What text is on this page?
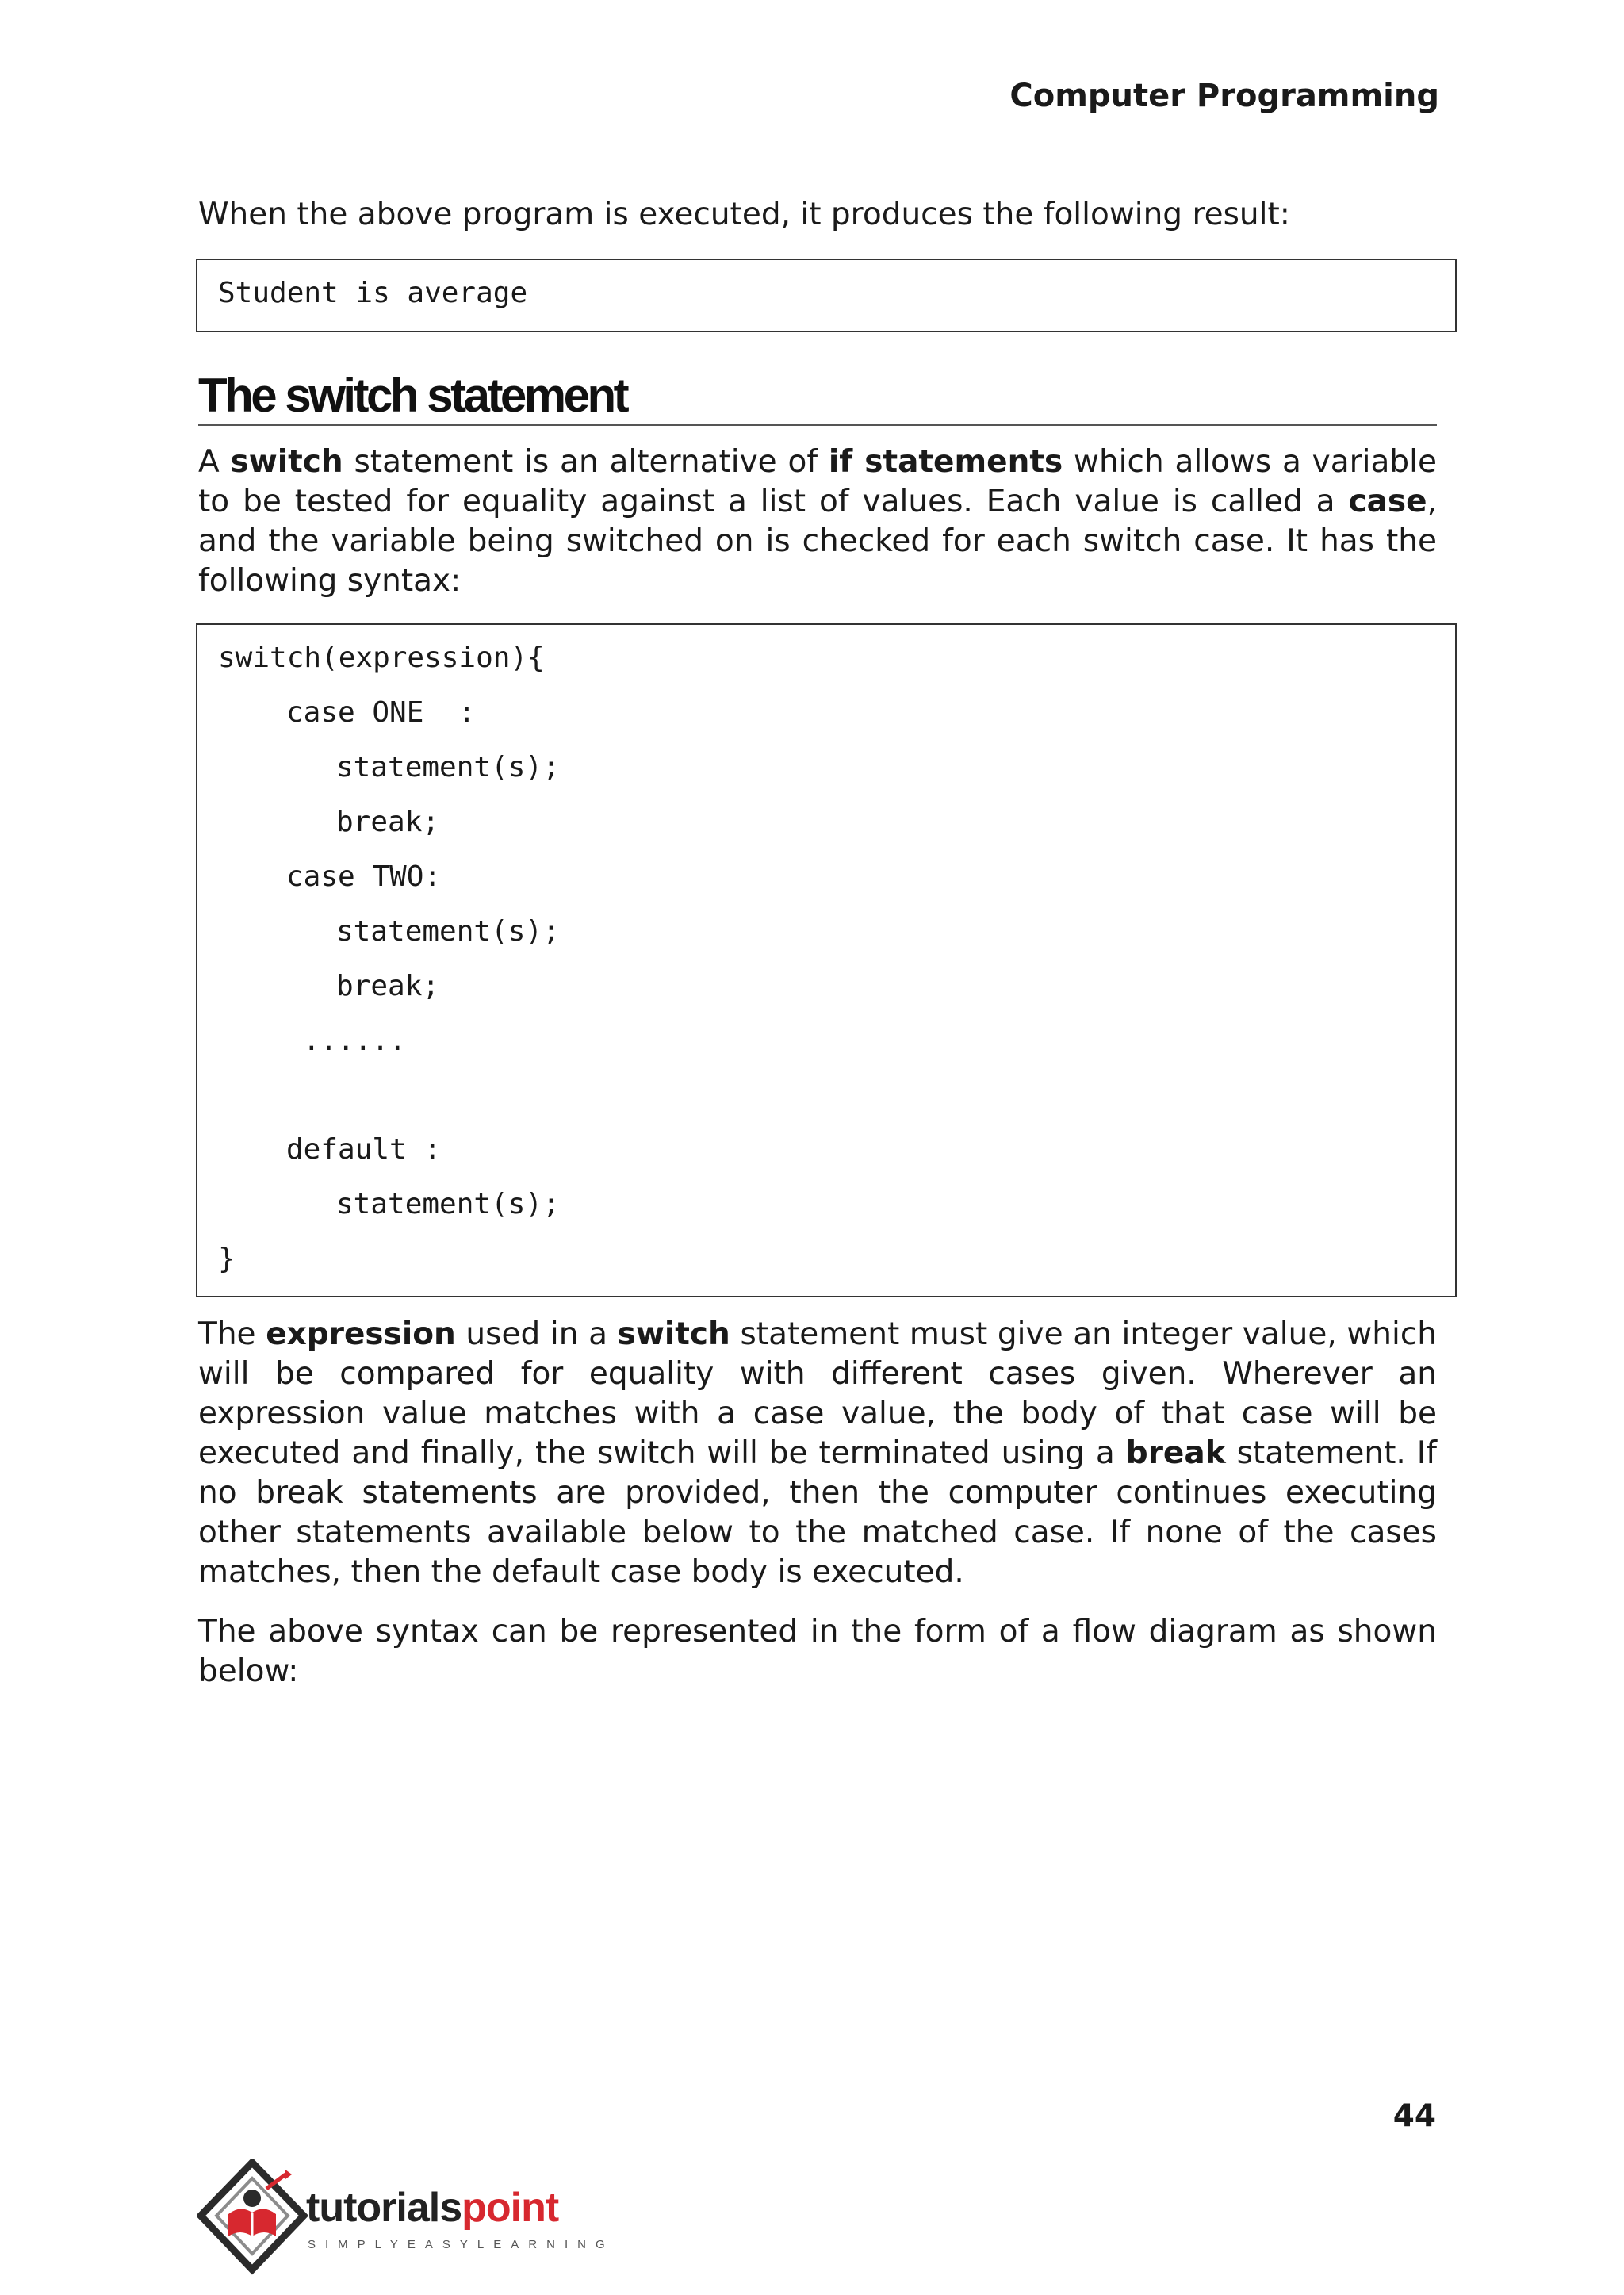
Computer Programming

When the above program is executed, it produces the following result:

Student is average
The switch statement

A switch statement is an alternative of if statements which allows a variable to be tested for equality against a list of values. Each value is called a case, and the variable being switched on is checked for each switch case. It has the following syntax:

switch(expression){
case ONE  :
statement(s);
break;
case TWO:
statement(s);
break;
......
default :
statement(s);
}

The expression used in a switch statement must give an integer value, which will be compared for equality with different cases given. Wherever an expression value matches with a case value, the body of that case will be executed and finally, the switch will be terminated using a break statement. If no break statements are provided, then the computer continues executing other statements available below to the matched case. If none of the cases matches, then the default case body is executed.

The above syntax can be represented in the form of a flow diagram as shown below:

44
tutorialspoint
SIMPLYEASYLEARNING
